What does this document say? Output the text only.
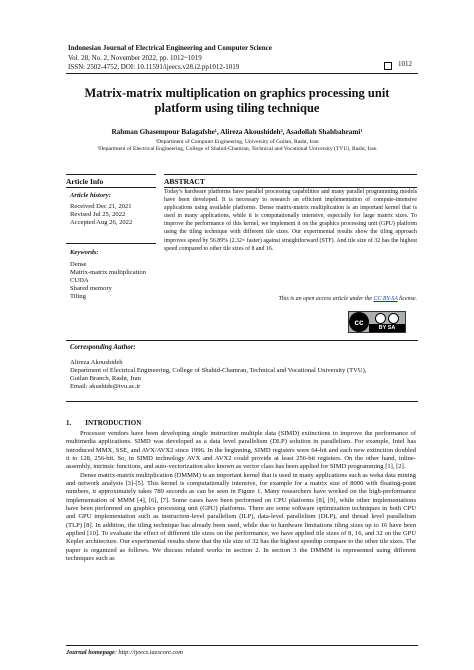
Indonesian Journal of Electrical Engineering and Computer Science
Vol. 28, No. 2, November 2022, pp. 1012~1019
ISSN: 2502-4752, DOI: 10.11591/ijeecs.v28.i2.pp1012-1019	1012
Matrix-matrix multiplication on graphics processing unit platform using tiling technique
Rahman Ghasempour Balagafshe¹, Alireza Akoushideh², Asadollah Shahbahrami¹
¹Department of Computer Engineering, University of Guilan, Rasht, Iran
²Department of Electrical Engineering, College of Shahid-Chamran, Technical and Vocational University (TVU), Rasht, Iran
Article Info	ABSTRACT
Article history:
Received Dec 21, 2021
Revised Jul 25, 2022
Accepted Aug 26, 2022
Keywords:
Dense
Matrix-matrix multiplication
CUDA
Shared memory
Tiling
Today’s hardware platforms have parallel processing capabilities and many parallel programming models have been developed. It is necessary to research an efficient implementation of compute-intensive applications using available platforms. Dense matrix-matrix multiplication is an important kernel that is used in many applications, while it is computationally intensive, especially for large matrix sizes. To improve the performance of this kernel, we implement it on the graphics processing unit (GPU) platform using the tiling technique with different tile sizes. Our experimental results show the tiling approach improves speed by 56.89% (2.32× faster) against straightforward (STF). And tile size of 32 has the highest speed compared to other tile sizes of 8 and 16.
This is an open access article under the CC BY-SA license.
cc
BY SA
Corresponding Author:
Alireza Akoushideh
Department of Electrical Engineering, College of Shahid-Chamran, Technical and Vocational University (TVU),
Guilan Branch, Rasht, Iran
Email: akushide@tvu.ac.ir
1.        INTRODUCTION

Processor vendors have been developing single instruction multiple data (SIMD) extinctions to improve the performance of multimedia applications. SIMD was developed as a data level parallelism (DLP) solution in parallelism. For example, Intel has introduced MMX, SSE, and AVX/AVX2 since 1996. In the beginning, SIMD registers were 64-bit and each new extinction doubled it to 128, 256-bit. So, in SIMD technology AVX and AVX2 could provide at least 256-bit registers. On the other hand, inline-assembly, intrinsic functions, and auto-vectorization also known as vector class has been applied for SIMD programming [1], [2].

Dense matrix-matrix multiplication (DMMM) is an important kernel that is used in many applications such as weka data mining and network analysis [3]-[5]. This kernel is computationally intensive, for example for a matrix size of 8000 with floating-point numbers, it approximately takes 789 seconds as can be seen in Figure 1. Many researchers have worked on the high-performance implementation of MMM [4], [6], [7]. Some cases have been performed on CPU platforms [8], [9], while other implementations have been performed on graphics processing unit (GPU) platforms. There are some software optimization techniques in both CPU and GPU implementation such as instruction-level parallelism (ILP), data-level parallelism (DLP), and thread level parallelism (TLP) [8]. In addition, the tiling technique has already been used, while due to hardware limitations tiling sizes up to 16 have been applied [10]. To evaluate the effect of different tile sizes on the performance, we have applied tile sizes of 8, 16, and 32 on the GPU Kepler architecture. Our experimental results show that the tile size of 32 has the highest speedup compare to the other tile sizes. The paper is organized as follows. We discuss related works in section 2. In section 3 the DMMM is represented using different techniques such as

Journal homepage: http://ijeecs.iaescore.com
